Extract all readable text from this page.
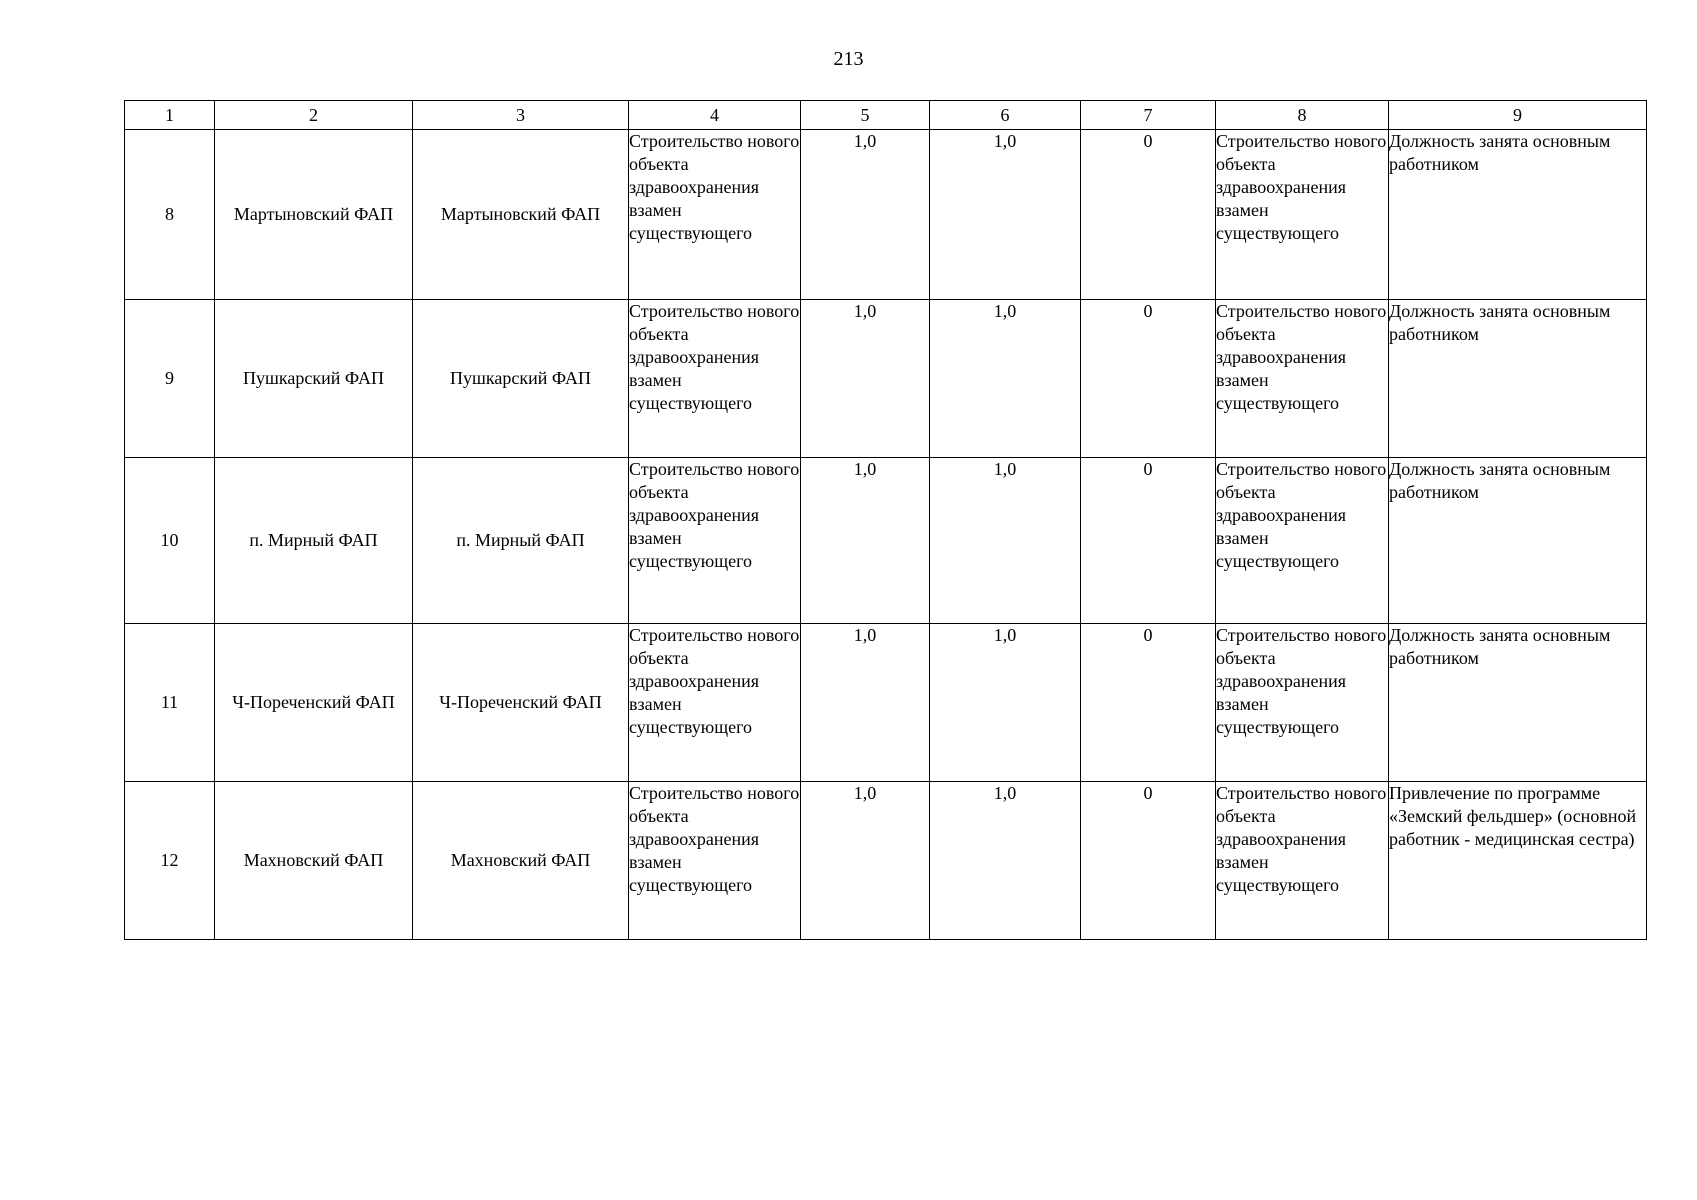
213
1	2	3	4	5	6	7	8	9
8	Мартыновский ФАП	Мартыновский ФАП	Строительство нового объекта здравоохранения взамен существующего	1,0	1,0	0	Строительство нового объекта здравоохранения взамен существующего	Должность занята основным работником
9	Пушкарский ФАП	Пушкарский ФАП	Строительство нового объекта здравоохранения взамен существующего	1,0	1,0	0	Строительство нового объекта здравоохранения взамен существующего	Должность занята основным работником
10	п. Мирный ФАП	п. Мирный ФАП	Строительство нового объекта здравоохранения взамен существующего	1,0	1,0	0	Строительство нового объекта здравоохранения взамен существующего	Должность занята основным работником
11	Ч-Пореченский ФАП	Ч-Пореченский ФАП	Строительство нового объекта здравоохранения взамен существующего	1,0	1,0	0	Строительство нового объекта здравоохранения взамен существующего	Должность занята основным работником
12	Махновский ФАП	Махновский ФАП	Строительство нового объекта здравоохранения взамен существующего	1,0	1,0	0	Строительство нового объекта здравоохранения взамен существующего	Привлечение по программе «Земский фельдшер» (основной работник - медицинская сестра)
